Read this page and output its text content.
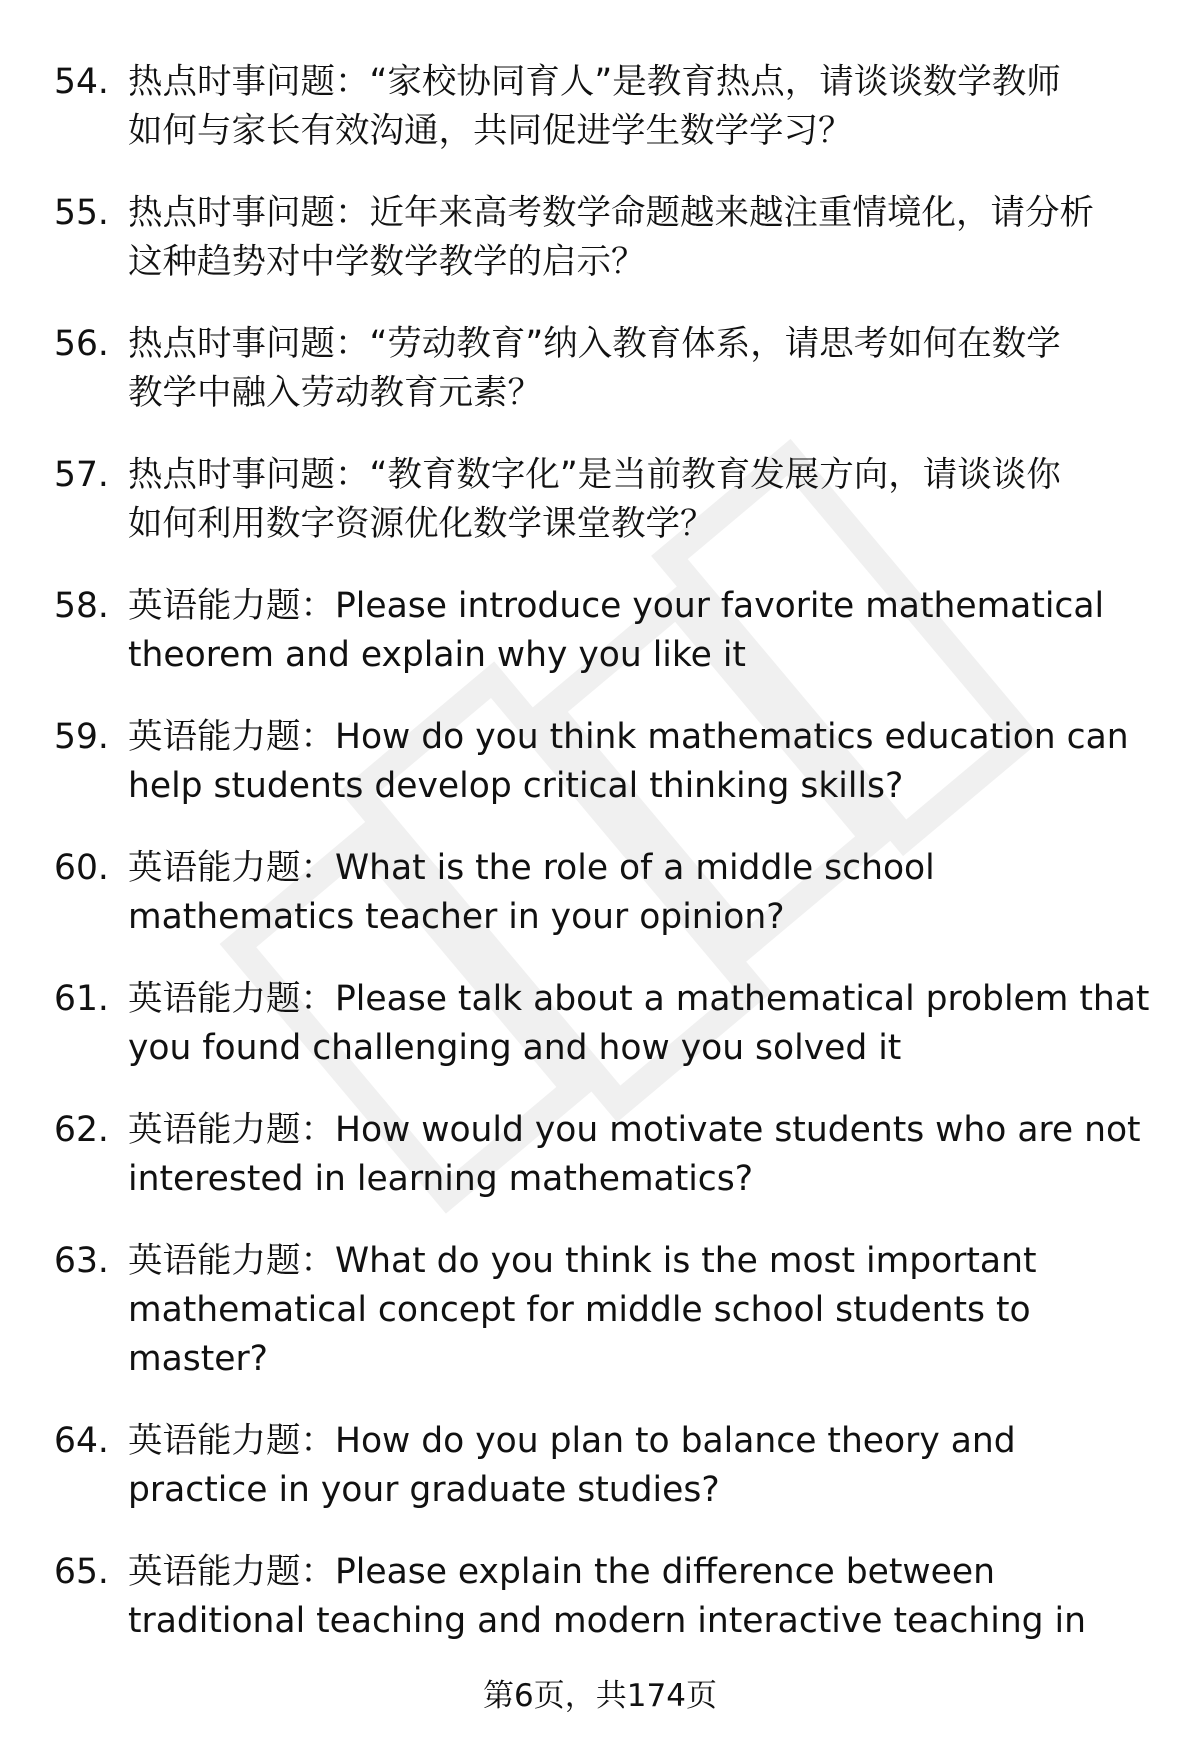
54. 热点时事问题：“家校协同育人”是教育热点，请谈谈数学教师
如何与家长有效沟通，共同促进学生数学学习？
55. 热点时事问题：近年来高考数学命题越来越注重情境化，请分析
这种趋势对中学数学教学的启示？
56. 热点时事问题：“劳动教育”纳入教育体系，请思考如何在数学
教学中融入劳动教育元素？
57. 热点时事问题：“教育数字化”是当前教育发展方向，请谈谈你
如何利用数字资源优化数学课堂教学？
58. 英语能力题：Please introduce your favorite mathematical
theorem and explain why you like it
59. 英语能力题：How do you think mathematics education can
help students develop critical thinking skills?
60. 英语能力题：What is the role of a middle school
mathematics teacher in your opinion?
61. 英语能力题：Please talk about a mathematical problem that
you found challenging and how you solved it
62. 英语能力题：How would you motivate students who are not
interested in learning mathematics?
63. 英语能力题：What do you think is the most important
mathematical concept for middle school students to
master?
64. 英语能力题：How do you plan to balance theory and
practice in your graduate studies?
65. 英语能力题：Please explain the difference between
traditional teaching and modern interactive teaching in
第6页，共174页
